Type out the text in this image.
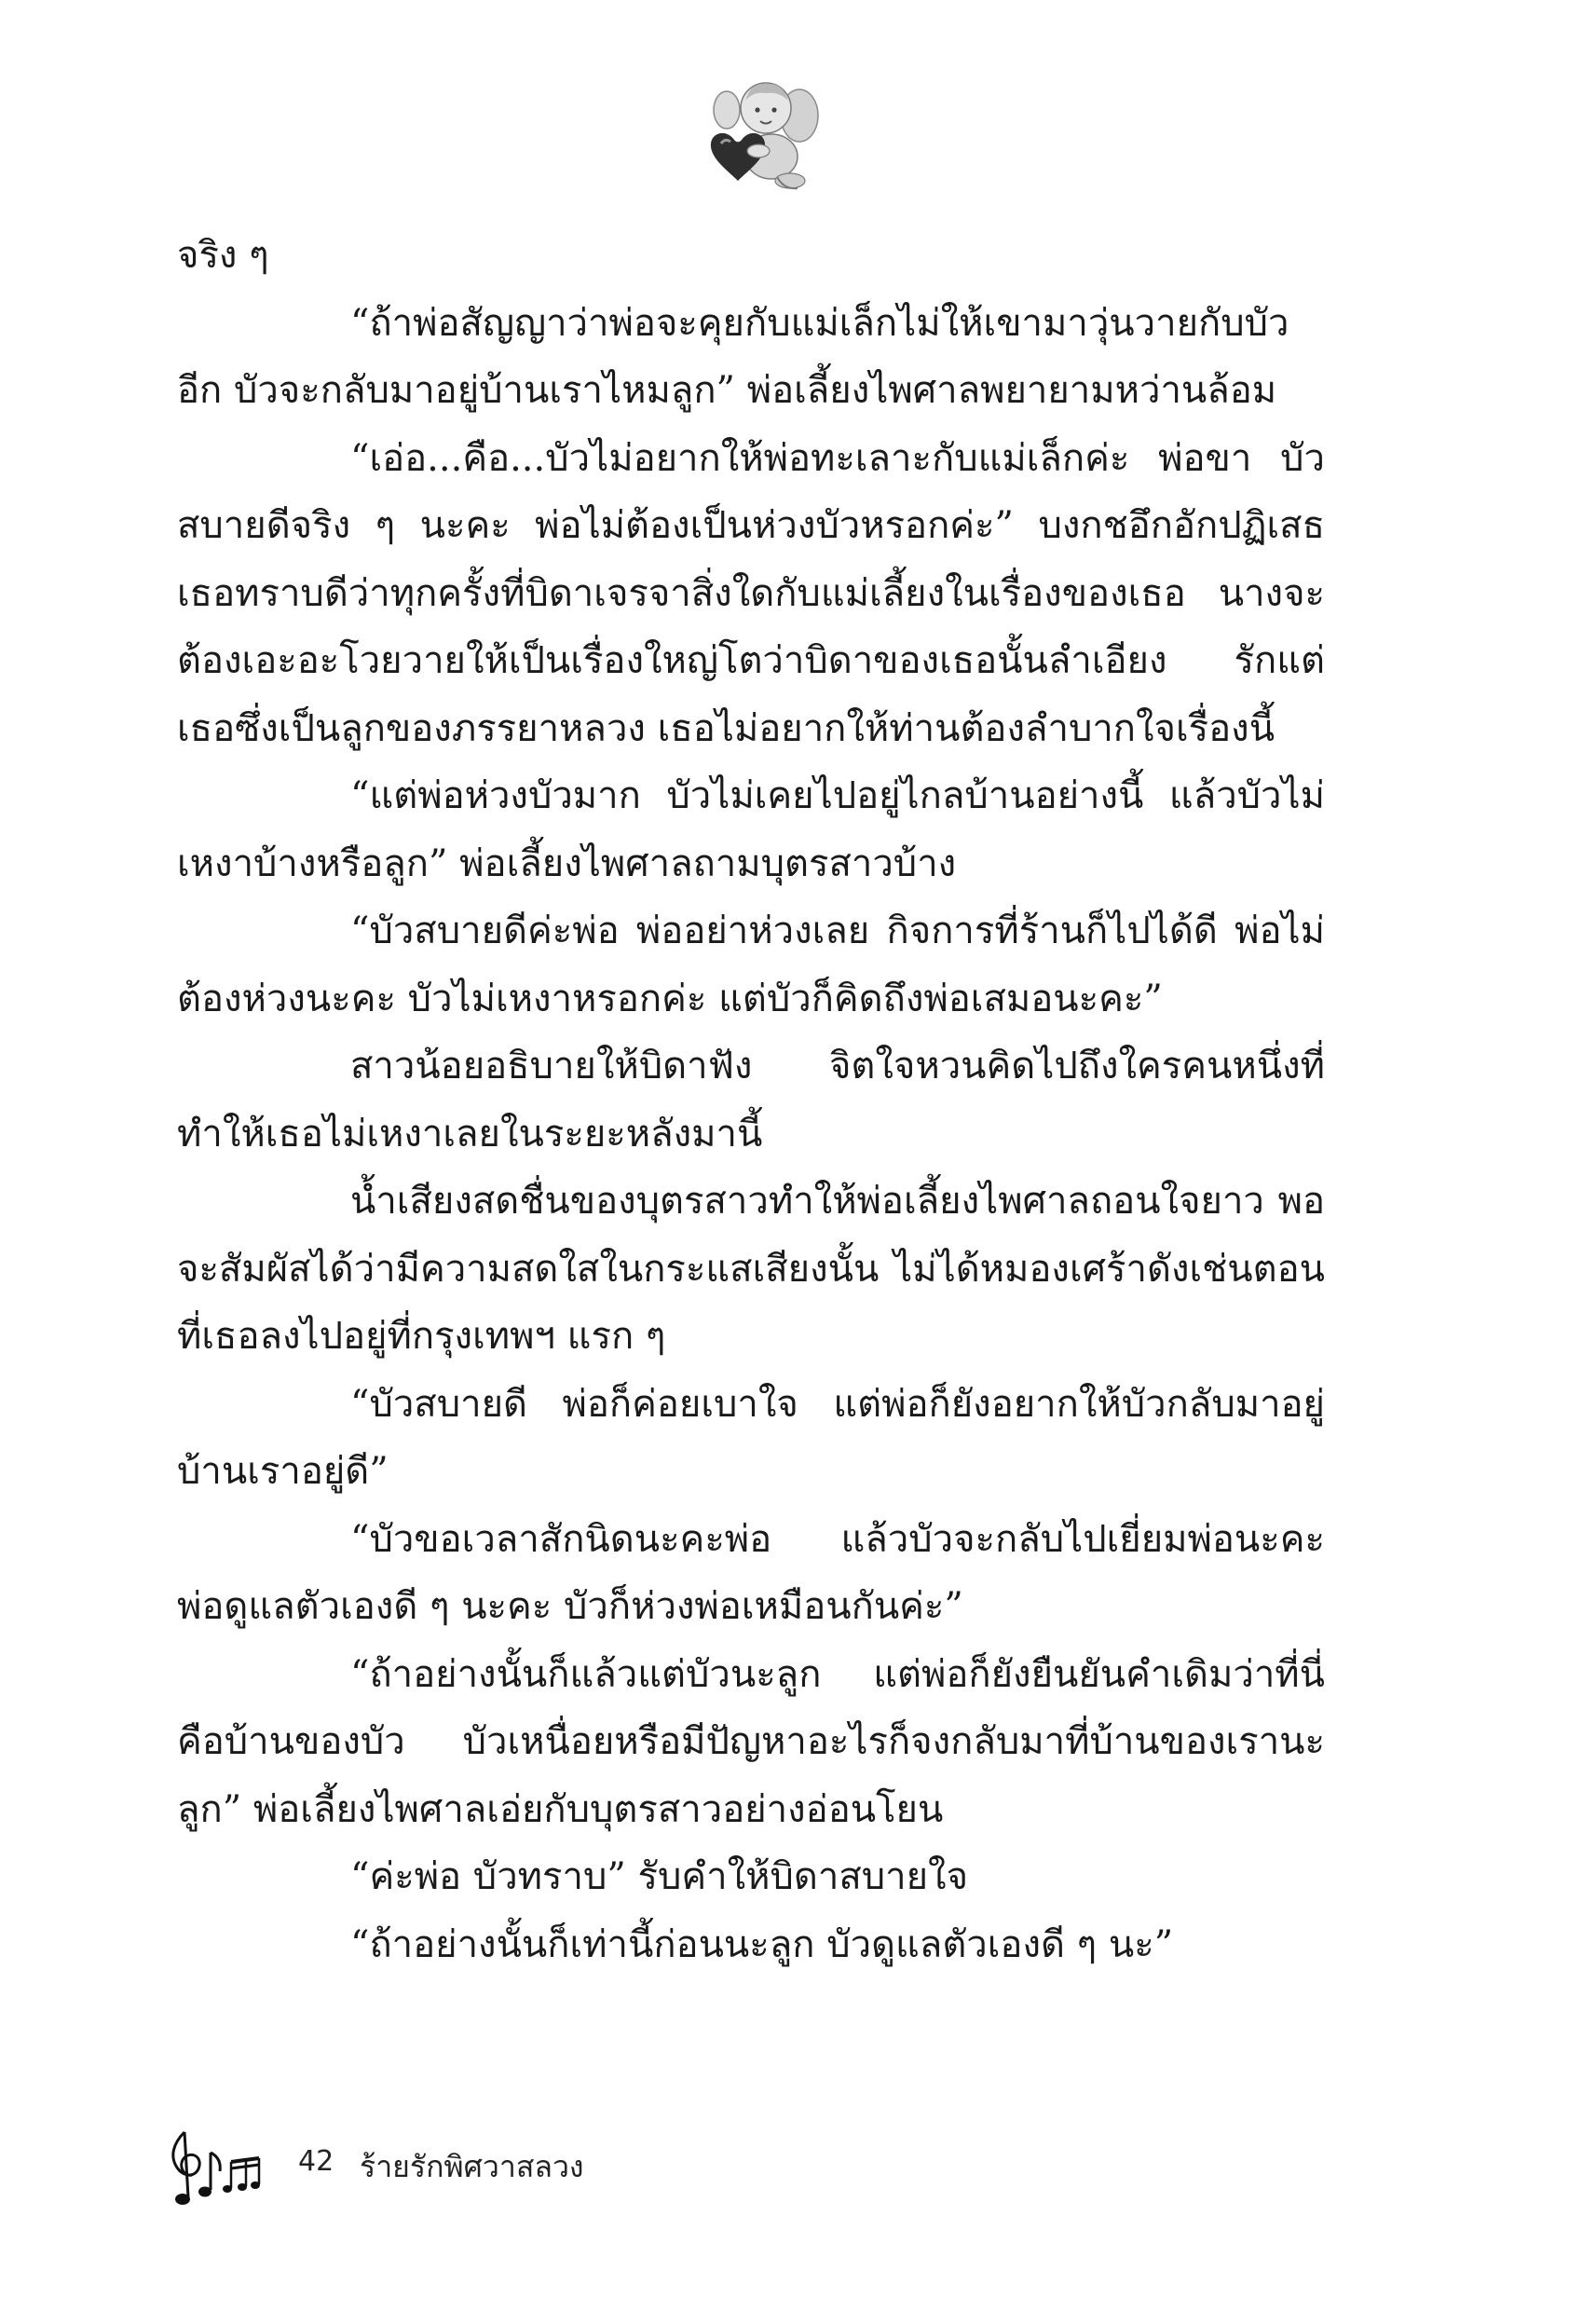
จริง ๆ

“ถ้าพ่อสัญญาว่าพ่อจะคุยกับแม่เล็กไม่ให้เขามาวุ่นวายกับบัวอีก บัวจะกลับมาอยู่บ้านเราไหมลูก” พ่อเลี้ยงไพศาลพยายามหว่านล้อม

“เอ่อ...คือ...บัวไม่อยากให้พ่อทะเลาะกับแม่เล็กค่ะ พ่อขา บัวสบายดีจริง ๆ นะคะ พ่อไม่ต้องเป็นห่วงบัวหรอกค่ะ” บงกชอึกอักปฏิเสธ เธอทราบดีว่าทุกครั้งที่บิดาเจรจาสิ่งใดกับแม่เลี้ยงในเรื่องของเธอ นางจะต้องเอะอะโวยวายให้เป็นเรื่องใหญ่โตว่าบิดาของเธอนั้นลำเอียง รักแต่เธอซึ่งเป็นลูกของภรรยาหลวง เธอไม่อยากให้ท่านต้องลำบากใจเรื่องนี้

“แต่พ่อห่วงบัวมาก บัวไม่เคยไปอยู่ไกลบ้านอย่างนี้ แล้วบัวไม่เหงาบ้างหรือลูก” พ่อเลี้ยงไพศาลถามบุตรสาวบ้าง

“บัวสบายดีค่ะพ่อ พ่ออย่าห่วงเลย กิจการที่ร้านก็ไปได้ดี พ่อไม่ต้องห่วงนะคะ บัวไม่เหงาหรอกค่ะ แต่บัวก็คิดถึงพ่อเสมอนะคะ”

สาวน้อยอธิบายให้บิดาฟัง จิตใจหวนคิดไปถึงใครคนหนึ่งที่ทำให้เธอไม่เหงาเลยในระยะหลังมานี้

น้ำเสียงสดชื่นของบุตรสาวทำให้พ่อเลี้ยงไพศาลถอนใจยาว พอจะสัมผัสได้ว่ามีความสดใสในกระแสเสียงนั้น ไม่ได้หมองเศร้าดังเช่นตอนที่เธอลงไปอยู่ที่กรุงเทพฯ แรก ๆ

“บัวสบายดี พ่อก็ค่อยเบาใจ แต่พ่อก็ยังอยากให้บัวกลับมาอยู่บ้านเราอยู่ดี”

“บัวขอเวลาสักนิดนะคะพ่อ แล้วบัวจะกลับไปเยี่ยมพ่อนะคะ พ่อดูแลตัวเองดี ๆ นะคะ บัวก็ห่วงพ่อเหมือนกันค่ะ”

“ถ้าอย่างนั้นก็แล้วแต่บัวนะลูก แต่พ่อก็ยังยืนยันคำเดิมว่าที่นี่คือบ้านของบัว บัวเหนื่อยหรือมีปัญหาอะไรก็จงกลับมาที่บ้านของเรานะลูก” พ่อเลี้ยงไพศาลเอ่ยกับบุตรสาวอย่างอ่อนโยน

“ค่ะพ่อ บัวทราบ” รับคำให้บิดาสบายใจ

“ถ้าอย่างนั้นก็เท่านี้ก่อนนะลูก บัวดูแลตัวเองดี ๆ นะ”

42 ร้ายรักพิศวาสลวง
